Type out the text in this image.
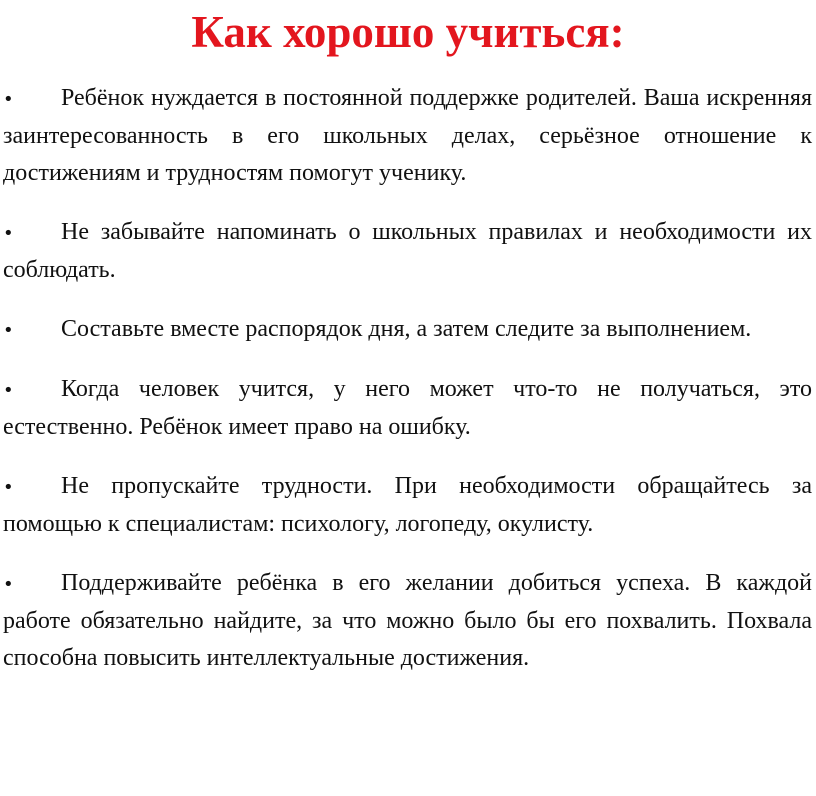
Как хорошо учиться:
• Ребёнок нуждается в постоянной поддержке родителей. Ваша искренняя заинтересованность в его школьных делах, серьёзное отношение к достижениям и трудностям помогут ученику.
• Не забывайте напоминать о школьных правилах и необходимости их соблюдать.
• Составьте вместе распорядок дня, а затем следите за выполнением.
• Когда человек учится, у него может что-то не получаться, это естественно. Ребёнок имеет право на ошибку.
• Не пропускайте трудности. При необходимости обращайтесь за помощью к специалистам: психологу, логопеду, окулисту.
• Поддерживайте ребёнка в его желании добиться успеха. В каждой работе обязательно найдите, за что можно было бы его похвалить. Похвала способна повысить интеллектуальные достижения.
